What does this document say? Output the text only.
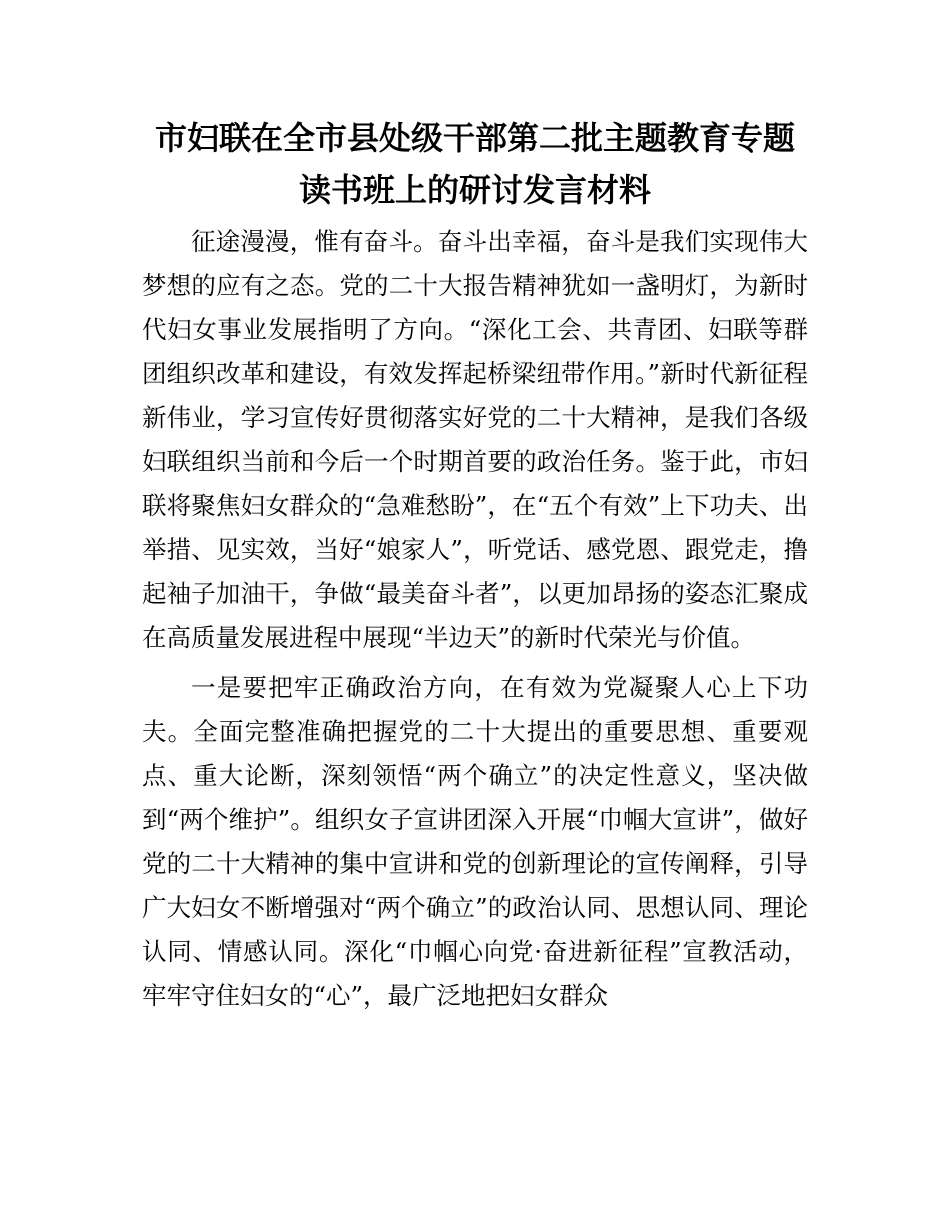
市妇联在全市县处级干部第二批主题教育专题
读书班上的研讨发言材料

征途漫漫，惟有奋斗。奋斗出幸福，奋斗是我们实现伟大梦想的应有之态。党的二十大报告精神犹如一盏明灯，为新时代妇女事业发展指明了方向。“深化工会、共青团、妇联等群团组织改革和建设，有效发挥起桥梁纽带作用。”新时代新征程新伟业，学习宣传好贯彻落实好党的二十大精神，是我们各级妇联组织当前和今后一个时期首要的政治任务。鉴于此，市妇联将聚焦妇女群众的“急难愁盼”，在“五个有效”上下功夫、出举措、见实效，当好“娘家人”，听党话、感党恩、跟党走，撸起袖子加油干，争做“最美奋斗者”，以更加昂扬的姿态汇聚成在高质量发展进程中展现“半边天”的新时代荣光与价值。

一是要把牢正确政治方向，在有效为党凝聚人心上下功夫。全面完整准确把握党的二十大提出的重要思想、重要观点、重大论断，深刻领悟“两个确立”的决定性意义，坚决做到“两个维护”。组织女子宣讲团深入开展“巾帼大宣讲”，做好党的二十大精神的集中宣讲和党的创新理论的宣传阐释，引导广大妇女不断增强对“两个确立”的政治认同、思想认同、理论认同、情感认同。深化“巾帼心向党·奋进新征程”宣教活动，牢牢守住妇女的“心”，最广泛地把妇女群众
